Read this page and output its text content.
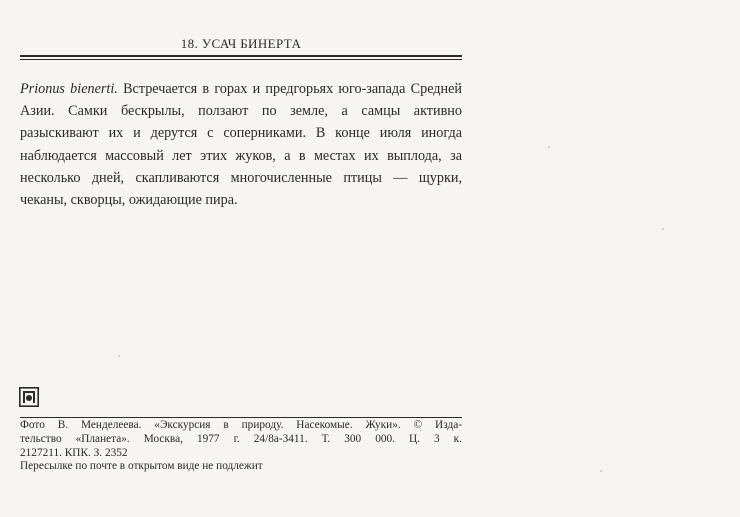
18. УСАЧ БИНЕРТА
Prionus bienerti. Встречается в горах и предгорьях юго-запада Средней Азии. Самки бескрылы, ползают по земле, а самцы активно разыскивают их и дерутся с соперниками. В конце июля иногда наблюдается массовый лет этих жуков, а в местах их выплода, за несколько дней, скапливаются многочисленные птицы — щурки, чеканы, скворцы, ожидающие пира.
Фото В. Менделеева. «Экскурсия в природу. Насекомые. Жуки». © Изда-
тельство «Планета». Москва, 1977 г. 24/8а-3411. Т. 300 000. Ц. 3 к.
2127211. КПК. З. 2352
Пересылке по почте в открытом виде не подлежит
